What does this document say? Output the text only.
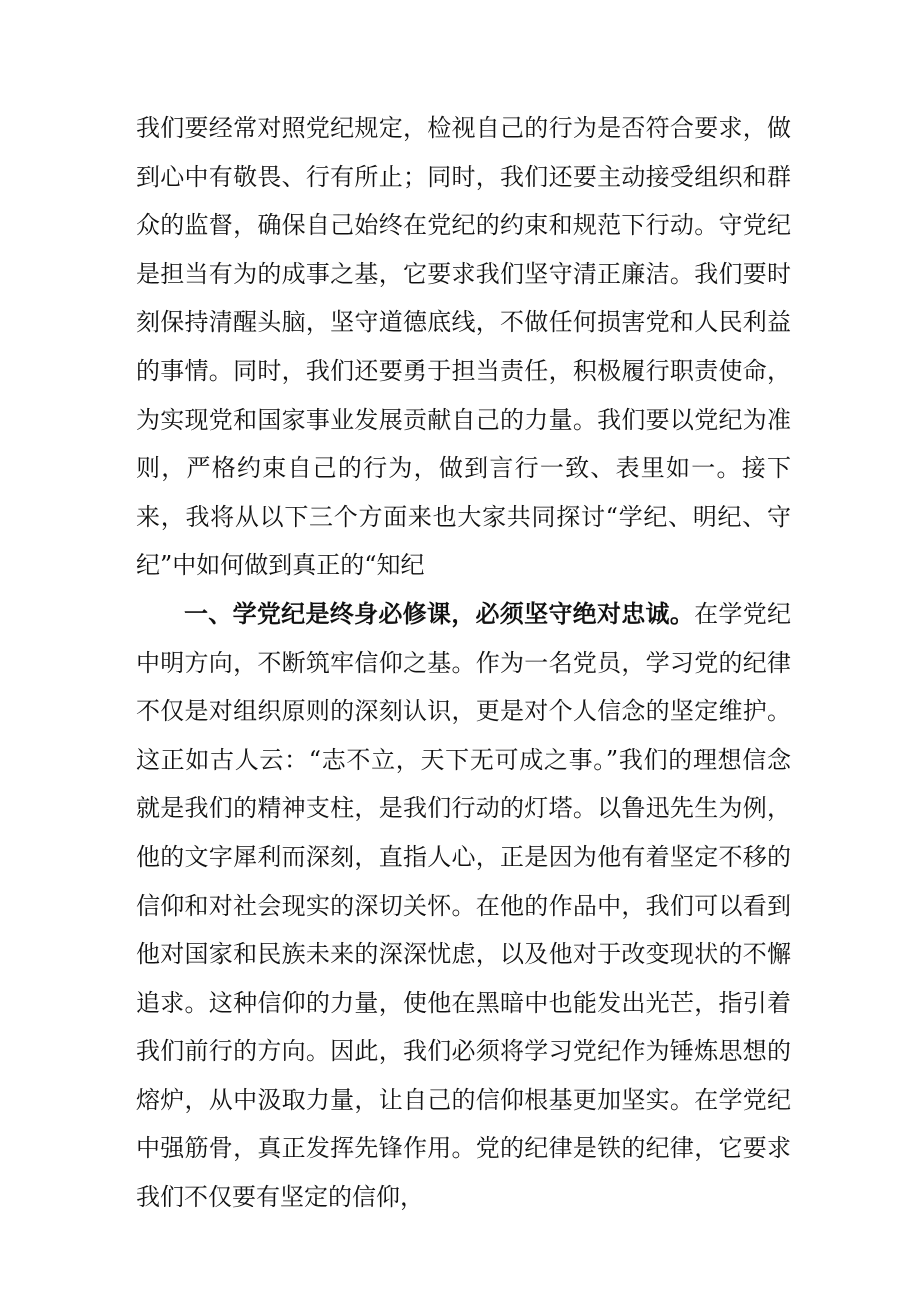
我们要经常对照党纪规定，检视自己的行为是否符合要求，做到心中有敬畏、行有所止；同时，我们还要主动接受组织和群众的监督，确保自己始终在党纪的约束和规范下行动。守党纪是担当有为的成事之基，它要求我们坚守清正廉洁。我们要时刻保持清醒头脑，坚守道德底线，不做任何损害党和人民利益的事情。同时，我们还要勇于担当责任，积极履行职责使命，为实现党和国家事业发展贡献自己的力量。我们要以党纪为准则，严格约束自己的行为，做到言行一致、表里如一。接下来，我将从以下三个方面来也大家共同探讨“学纪、明纪、守纪”中如何做到真正的“知纪

一、学党纪是终身必修课，必须坚守绝对忠诚。在学党纪中明方向，不断筑牢信仰之基。作为一名党员，学习党的纪律不仅是对组织原则的深刻认识，更是对个人信念的坚定维护。这正如古人云：“志不立，天下无可成之事。”我们的理想信念就是我们的精神支柱，是我们行动的灯塔。以鲁迅先生为例，他的文字犀利而深刻，直指人心，正是因为他有着坚定不移的信仰和对社会现实的深切关怀。在他的作品中，我们可以看到他对国家和民族未来的深深忧虑，以及他对于改变现状的不懈追求。这种信仰的力量，使他在黑暗中也能发出光芒，指引着我们前行的方向。因此，我们必须将学习党纪作为锤炼思想的熔炉，从中汲取力量，让自己的信仰根基更加坚实。在学党纪中强筋骨，真正发挥先锋作用。党的纪律是铁的纪律，它要求我们不仅要有坚定的信仰，
